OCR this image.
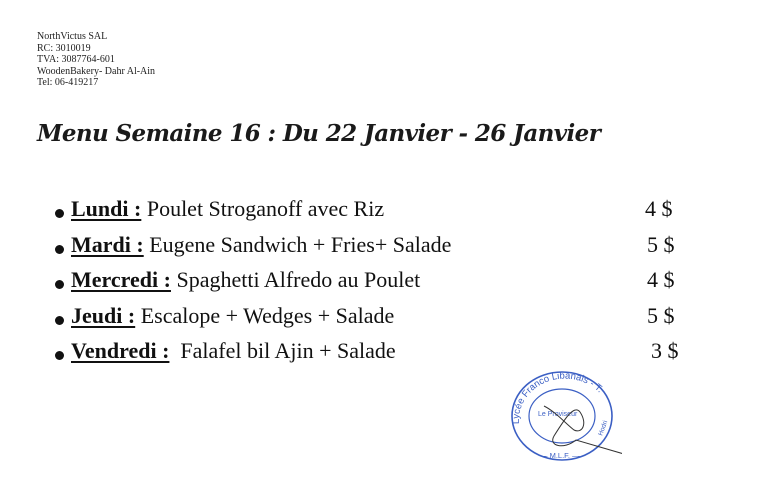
NorthVictus SAL
RC: 3010019
TVA: 3087764-601
WoodenBakery- Dahr Al-Ain
Tel: 06-419217
Menu Semaine 16 : Du 22 Janvier - 26 Janvier
Lundi : Poulet Stroganoff avec Riz	4 $
Mardi : Eugene Sandwich + Fries+ Salade	5 $
Mercredi : Spaghetti Alfredo au Poulet	4 $
Jeudi : Escalope + Wedges + Salade	5 $
Vendredi :  Falafel bil Ajin + Salade	3 $
Lycée Franco Libanais - T.
Le Proviseur
— M.L.F. —
Hodri
